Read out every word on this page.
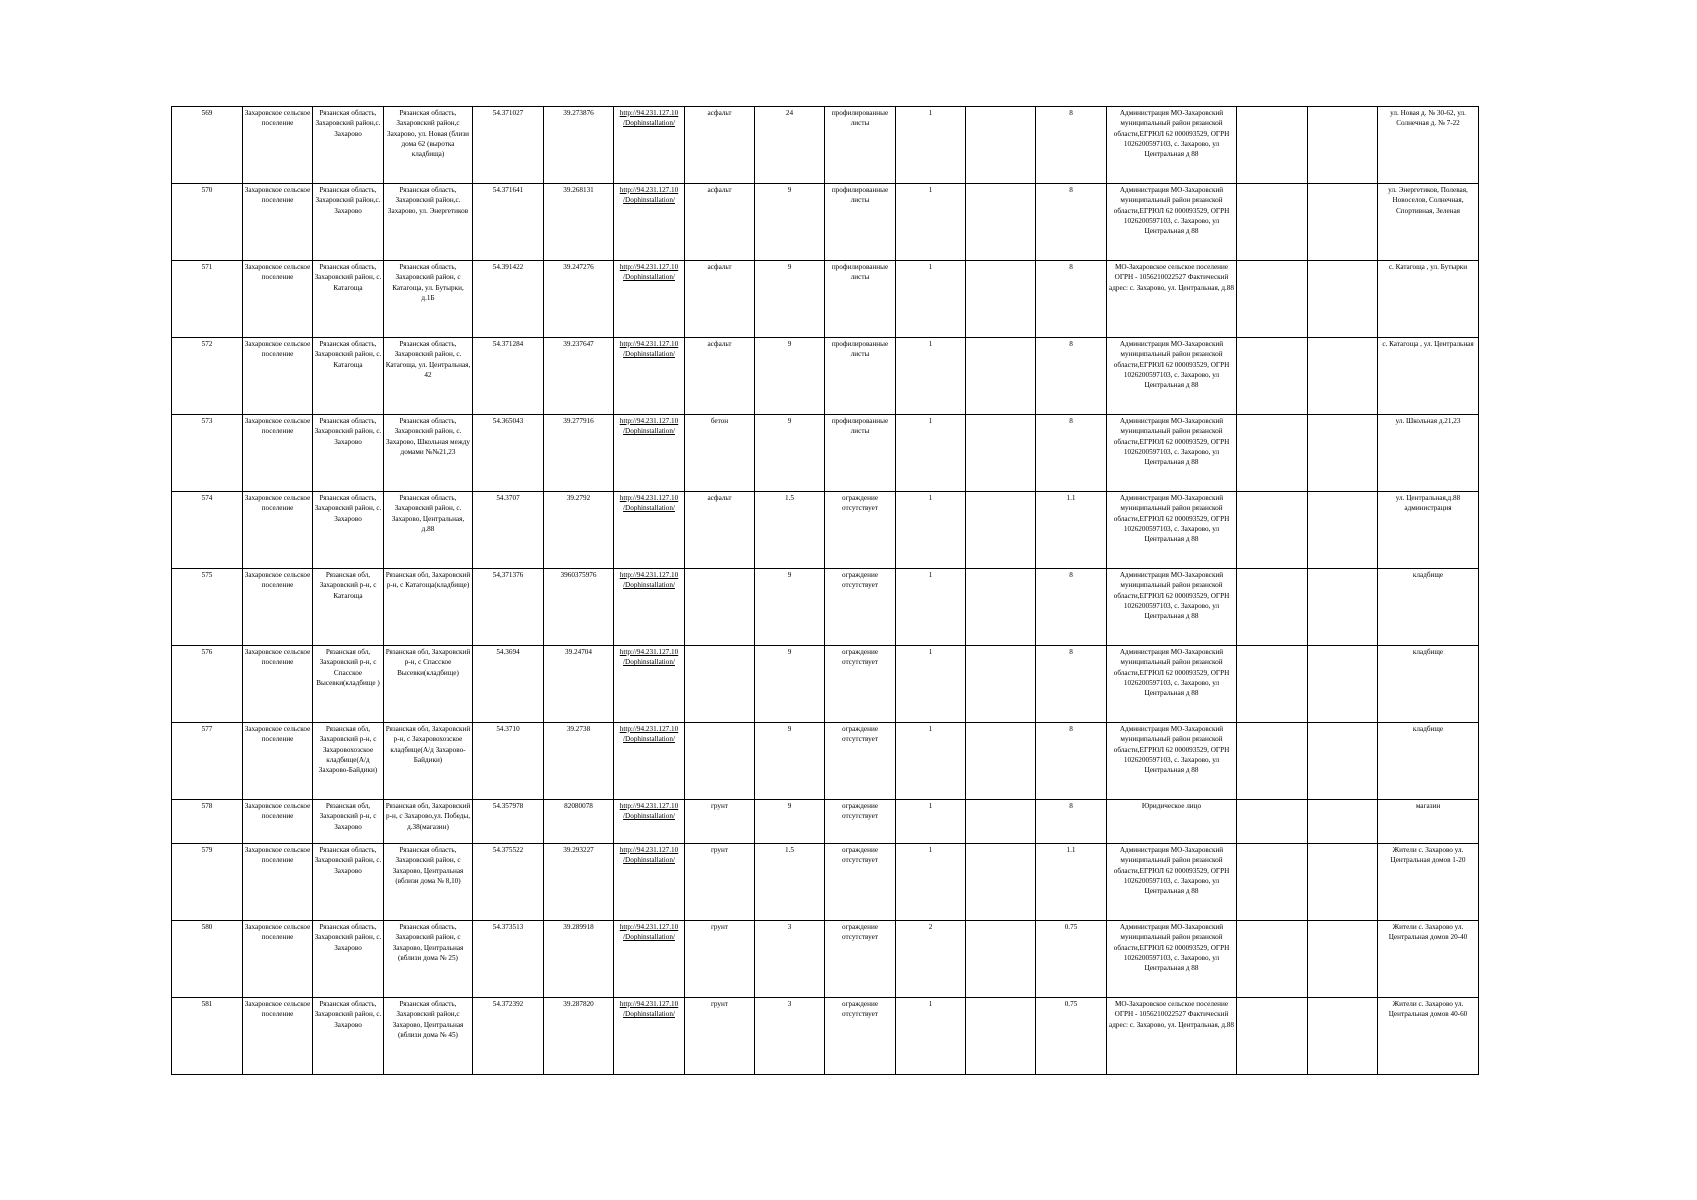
569	Захаровское сельское поселение	Рязанская область, Захаровский район,с. Захарово	Рязанская область, Захаровский район,с Захарово, ул. Новая (близи дома 62 (выротка кладбища)	54.371027	39.273876	http://94.231.127.10 /Dophinstallation/	асфальт	24	профилированные листы	1		8	Администрация МО-Захаровский муниципальный район рязанской области,ЕГРЮЛ 62 000093529, ОГРН 1026200597103, с. Захарово, ул Центральная д 88			ул. Новая д. № 30-62, ул. Солнечная д. № 7-22
570	Захаровское сельское поселение	Рязанская область, Захаровский район,с. Захарово	Рязанская область, Захаровский район,с. Захарово, ул. Энергетиков	54.371641	39.268131	http://94.231.127.10 /Dophinstallation/	асфальт	9	профилированные листы	1		8	Администрация МО-Захаровский муниципальный район рязанской области,ЕГРЮЛ 62 000093529, ОГРН 1026200597103, с. Захарово, ул Центральная д 88			ул. Энергетиков, Полевая, Новоселов, Солнечная, Спортивная, Зеленая
571	Захаровское сельское поселение	Рязанская область, Захаровский район, с. Катагоща	Рязанская область, Захаровский район, с Катагоща, ул. Бутырки, д.1Б	54.391422	39.247276	http://94.231.127.10 /Dophinstallation/	асфальт	9	профилированные листы	1		8	МО-Захаровское сельское поселение ОГРН - 1056210022527 Фактический адрес: с. Захарово, ул. Центральная, д.88			с. Катагоща , ул. Бутырки
572	Захаровское сельское поселение	Рязанская область, Захаровский район, с. Катагоща	Рязанская область, Захаровский район, с. Катагоща, ул. Центральная, 42	54.371284	39.237647	http://94.231.127.10 /Dophinstallation/	асфальт	9	профилированные листы	1		8	Администрация МО-Захаровский муниципальный район рязанской области,ЕГРЮЛ 62 000093529, ОГРН 1026200597103, с. Захарово, ул Центральная д 88			с. Катагоща , ул. Центральная
573	Захаровское сельское поселение	Рязанская область, Захаровский район, с. Захарово	Рязанская область, Захаровский район, с. Захарово, Школьная между домами №№21,23	54.365043	39.277916	http://94.231.127.10 /Dophinstallation/	бетон	9	профилированные листы	1		8	Администрация МО-Захаровский муниципальный район рязанской области,ЕГРЮЛ 62 000093529, ОГРН 1026200597103, с. Захарово, ул Центральная д 88			ул. Школьная д.21,23
574	Захаровское сельское поселение	Рязанская область, Захаровский район, с. Захарово	Рязанская область, Захаровский район, с. Захарово, Центральная, д.88	54.3707	39.2792	http://94.231.127.10 /Dophinstallation/	асфальт	1.5	ограждение отсутствует	1		1.1	Администрация МО-Захаровский муниципальный район рязанской области,ЕГРЮЛ 62 000093529, ОГРН 1026200597103, с. Захарово, ул Центральная д 88			ул. Центральная,д.88 администрация
575	Захаровское сельское поселение	Рязанская обл, Захаровский р-н, с Катагоща	Рязанская обл, Захаровский р-н, с Катагоща(кладбище)	54,371376	3960375976	http://94.231.127.10 /Dophinstallation/		9	ограждение отсутствует	1		8	Администрация МО-Захаровский муниципальный район рязанской области,ЕГРЮЛ 62 000093529, ОГРН 1026200597103, с. Захарово, ул Центральная д 88			кладбище
576	Захаровское сельское поселение	Рязанская обл, Захаровский р-н, с Спасское Высевки(кладбище )	Рязанская обл, Захаровский р-н, с Спасское Высевки(кладбище)	54.3694	39.24704	http://94.231.127.10 /Dophinstallation/		9	ограждение отсутствует	1		8	Администрация МО-Захаровский муниципальный район рязанской области,ЕГРЮЛ 62 000093529, ОГРН 1026200597103, с. Захарово, ул Центральная д 88			кладбище
577	Захаровское сельское поселение	Рязанская обл, Захаровский р-н, с Захаровохозское кладбище(А/д Захарово-Байдики)	Рязанская обл, Захаровский р-н, с Захаровохозское кладбище(А/д Захарово-Байдики)	54.3710	39.2738	http://94.231.127.10 /Dophinstallation/		9	ограждение отсутствует	1		8	Администрация МО-Захаровский муниципальный район рязанской области,ЕГРЮЛ 62 000093529, ОГРН 1026200597103, с. Захарово, ул Центральная д 88			кладбище
578	Захаровское сельское поселение	Рязанская обл, Захаровский р-н, с Захарово	Рязанская обл, Захаровский р-н, с Захарово,ул. Победы, д.38(магазин)	54.357978	82080078	http://94.231.127.10 /Dophinstallation/	грунт	9	ограждение отсутствует	1		8	Юридическое лицо			магазин
579	Захаровское сельское поселение	Рязанская область, Захаровский район, с. Захарово	Рязанская область, Захаровский район, с Захарово, Центральная (вблизи дома № 8,10)	54.375522	39.293227	http://94.231.127.10 /Dophinstallation/	грунт	1.5	ограждение отсутствует	1		1.1	Администрация МО-Захаровский муниципальный район рязанской области,ЕГРЮЛ 62 000093529, ОГРН 1026200597103, с. Захарово, ул Центральная д 88			Жители с. Захарово ул. Центральная домов 1-20
580	Захаровское сельское поселение	Рязанская область, Захаровский район, с. Захарово	Рязанская область, Захаровский район, с Захарово, Центральная (вблизи дома № 25)	54.373513	39.289918	http://94.231.127.10 /Dophinstallation/	грунт	3	ограждение отсутствует	2		0.75	Администрация МО-Захаровский муниципальный район рязанской области,ЕГРЮЛ 62 000093529, ОГРН 1026200597103, с. Захарово, ул Центральная д 88			Жители с. Захарово ул. Центральная домов 20-40
581	Захаровское сельское поселение	Рязанская область, Захаровский район, с. Захарово	Рязанская область, Захаровский район,с Захарово, Центральная (вблизи дома № 45)	54.372392	39.287820	http://94.231.127.10 /Dophinstallation/	грунт	3	ограждение отсутствует	1		0.75	МО-Захаровское сельское поселение ОГРН - 1056210022527 Фактический адрес: с. Захарово, ул. Центральная, д.88			Жители с. Захарово ул. Центральная домов 40-60
